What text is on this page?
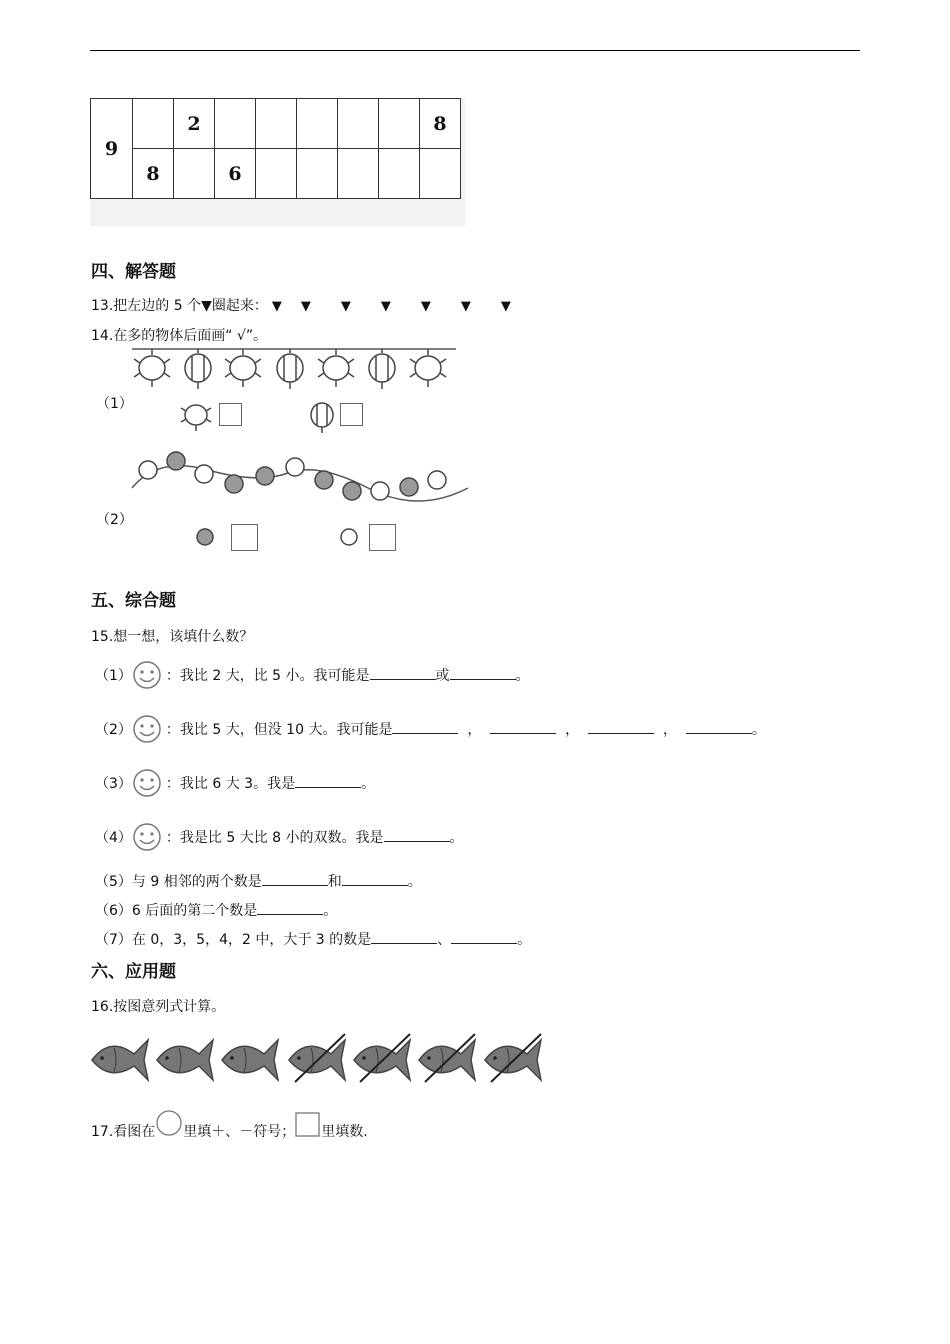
9		2						8
	8		6					
四、解答题
13.把左边的 5 个▼圈起来： ▼ ▼ ▼ ▼ ▼ ▼ ▼
14.在多的物体后面画“ √”。
（1）
（2）
五、综合题
15.想一想，该填什么数？
（1） ：我比 2 大，比 5 小。我可能是	或	。
（2） ：我比 5 大，但没 10 大。我可能是	，	，	，	。
（3） ：我比 6 大 3。我是	。
（4） ：我是比 5 大比 8 小的双数。我是	。
（5）与 9 相邻的两个数是	和	。
（6）6 后面的第二个数是	。
（7）在 0，3，5，4，2 中，大于 3 的数是	、	。
六、应用题
16.按图意列式计算。
17.看图在 里填＋、－符号； 里填数.
